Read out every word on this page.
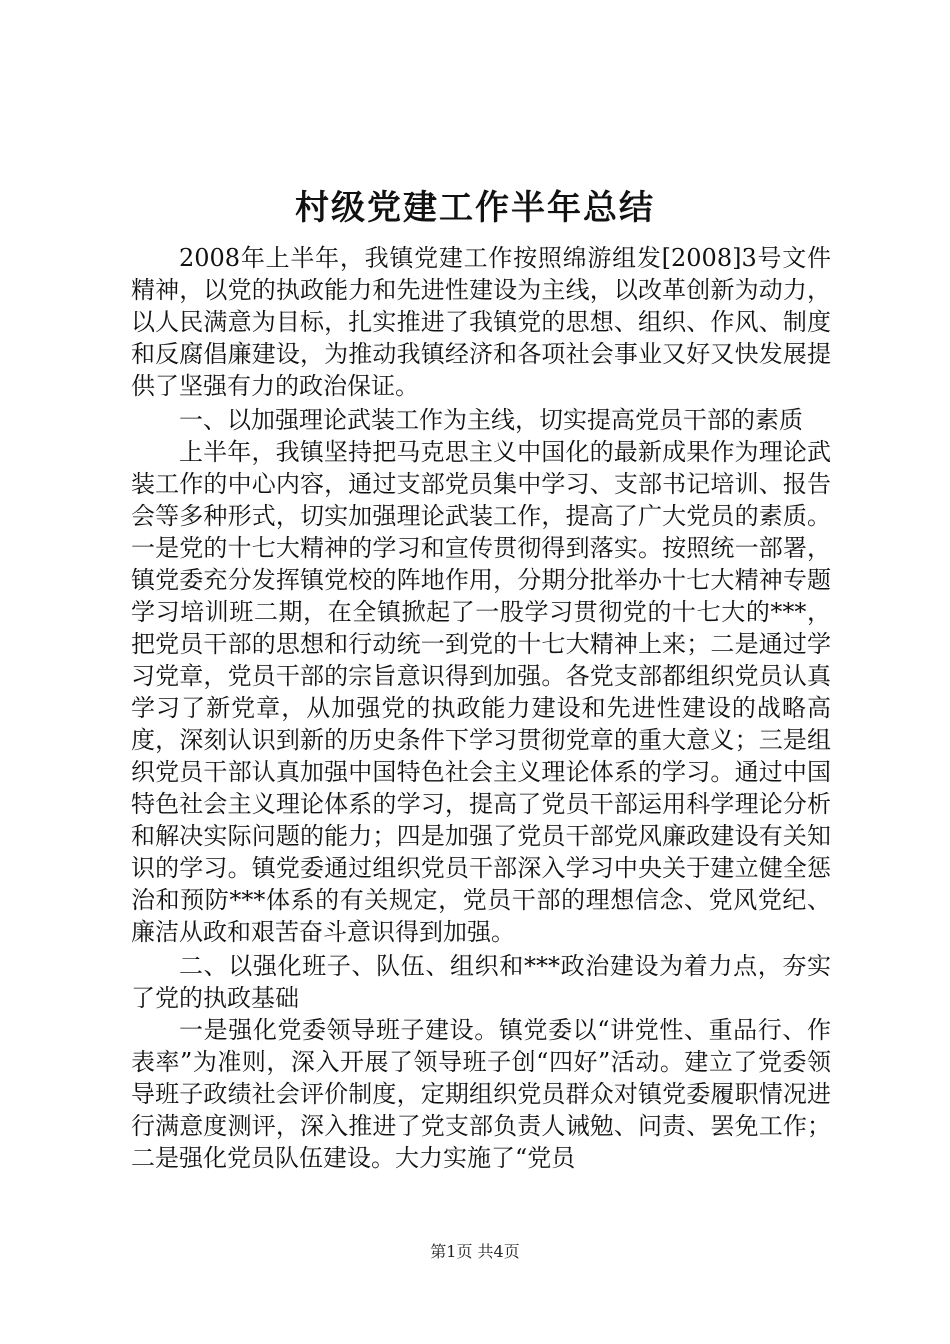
村级党建工作半年总结

2008年上半年，我镇党建工作按照绵游组发[2008]3号文件精神，以党的执政能力和先进性建设为主线，以改革创新为动力，以人民满意为目标，扎实推进了我镇党的思想、组织、作风、制度和反腐倡廉建设，为推动我镇经济和各项社会事业又好又快发展提供了坚强有力的政治保证。

一、以加强理论武装工作为主线，切实提高党员干部的素质

上半年，我镇坚持把马克思主义中国化的最新成果作为理论武装工作的中心内容，通过支部党员集中学习、支部书记培训、报告会等多种形式，切实加强理论武装工作，提高了广大党员的素质。一是党的十七大精神的学习和宣传贯彻得到落实。按照统一部署，镇党委充分发挥镇党校的阵地作用，分期分批举办十七大精神专题学习培训班二期，在全镇掀起了一股学习贯彻党的十七大的***，把党员干部的思想和行动统一到党的十七大精神上来；二是通过学习党章，党员干部的宗旨意识得到加强。各党支部都组织党员认真学习了新党章，从加强党的执政能力建设和先进性建设的战略高度，深刻认识到新的历史条件下学习贯彻党章的重大意义；三是组织党员干部认真加强中国特色社会主义理论体系的学习。通过中国特色社会主义理论体系的学习，提高了党员干部运用科学理论分析和解决实际问题的能力；四是加强了党员干部党风廉政建设有关知识的学习。镇党委通过组织党员干部深入学习中央关于建立健全惩治和预防***体系的有关规定，党员干部的理想信念、党风党纪、廉洁从政和艰苦奋斗意识得到加强。

二、以强化班子、队伍、组织和***政治建设为着力点，夯实了党的执政基础

一是强化党委领导班子建设。镇党委以“讲党性、重品行、作表率”为准则，深入开展了领导班子创“四好”活动。建立了党委领导班子政绩社会评价制度，定期组织党员群众对镇党委履职情况进行满意度测评，深入推进了党支部负责人诫勉、问责、罢免工作；二是强化党员队伍建设。大力实施了“党员

第1页 共4页
